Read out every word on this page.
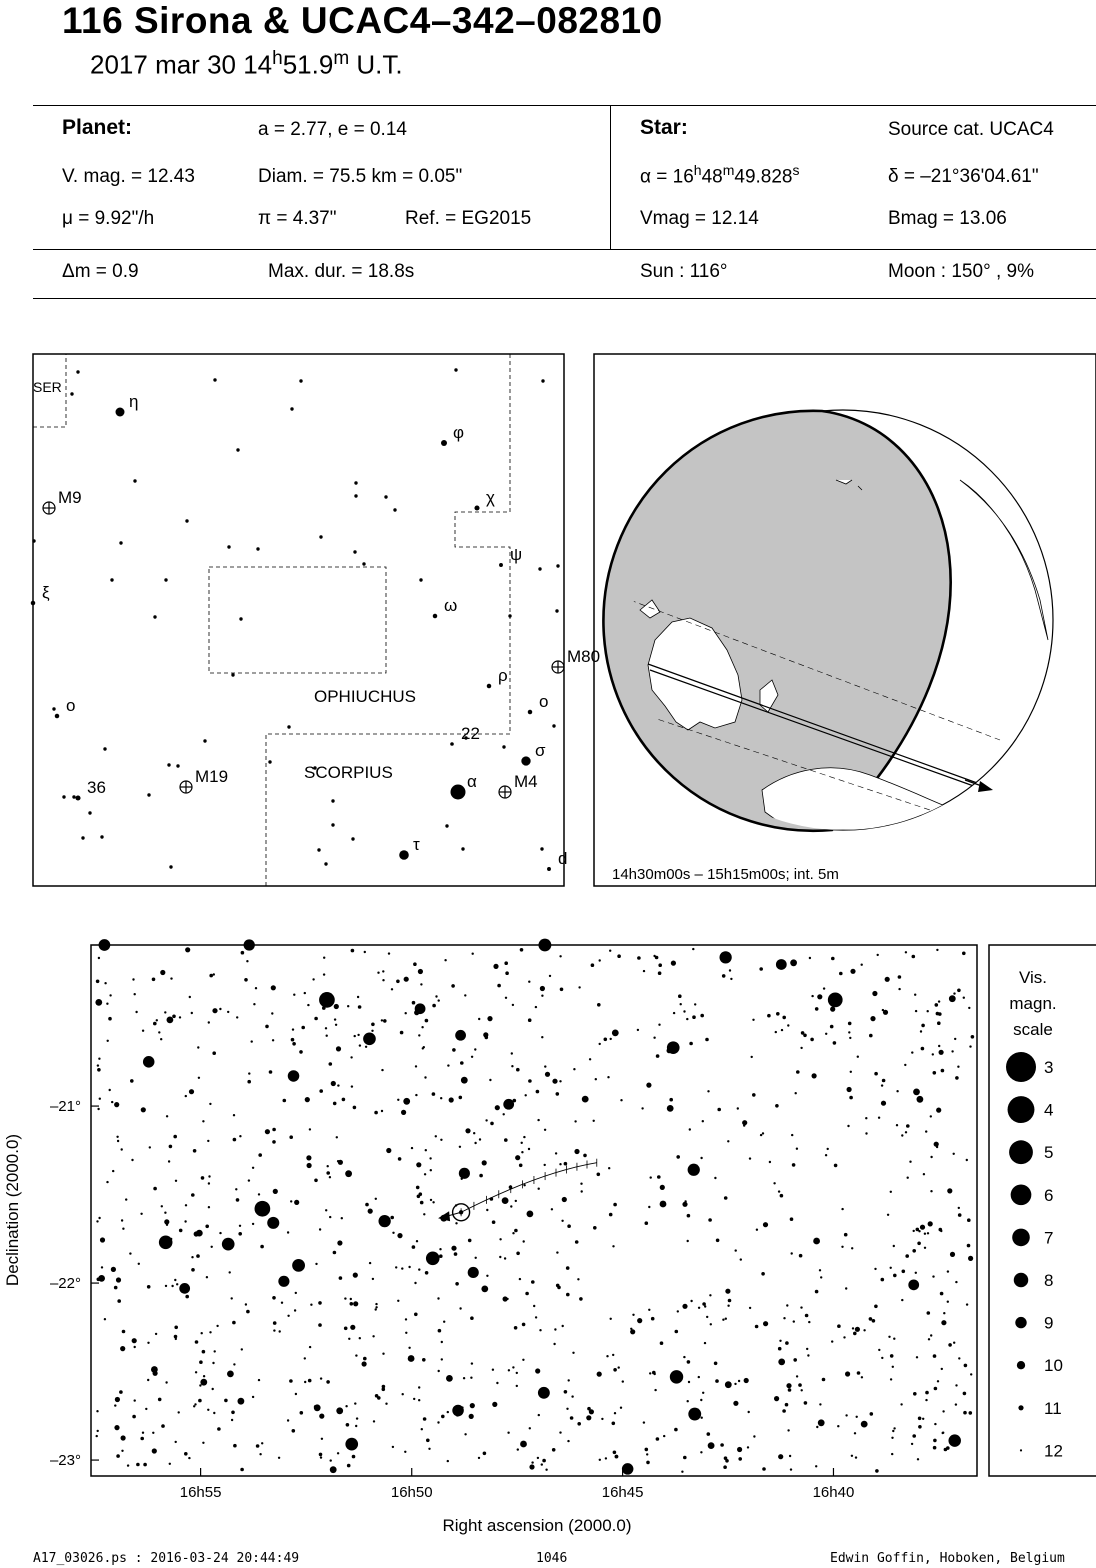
116 Sirona & UCAC4–342–082810
2017 mar 30 14$^h$51.9$^m$ U.T.
Planet:	a = 2.77, e = 0.14
V. mag. = 12.43	Diam. = 75.5 km = 0.05"
μ = 9.92"/h	π = 4.37"	Ref. = EG2015
Δm = 0.9	Max. dur. = 18.8s
Star:	Source cat. UCAC4
$\alpha = 16^h48^m49.828^s$	δ = –21°36'04.61"
Vmag = 12.14	Bmag = 13.06
Sun : 116°	Moon : 150° , 9%
η
φ
M9	χ
ψ
ξ
ω
M80
ρ
o	o
22
σ
M19
36	α M4
τ
d
SER
OPHIUCHUS
SCORPIUS
14h30m00s – 15h15m00s; int. 5m
16h55	16h50	16h45	16h40
–21°
–22°
–23°
Right ascension (2000.0)
Declination (2000.0)
Vis.
magn.
scale
3
4
5
6
7
8
9
10
11
12
A17_03026.ps : 2016-03-24 20:44:49	1046	Edwin Goffin, Hoboken, Belgium
